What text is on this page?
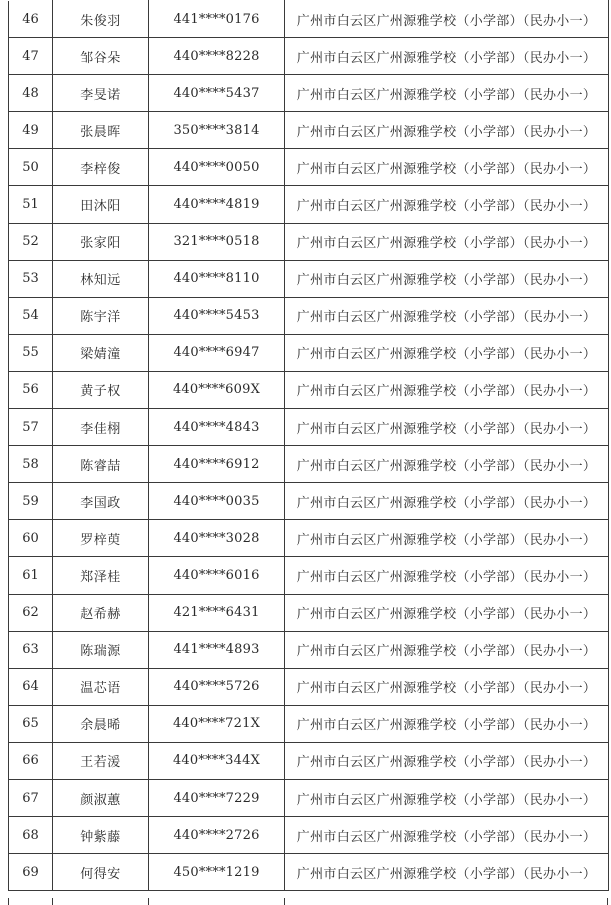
46	朱俊羽	441****0176	广州市白云区广州源雅学校（小学部）（民办小一）
47	邹谷朵	440****8228	广州市白云区广州源雅学校（小学部）（民办小一）
48	李旻诺	440****5437	广州市白云区广州源雅学校（小学部）（民办小一）
49	张晨晖	350****3814	广州市白云区广州源雅学校（小学部）（民办小一）
50	李梓俊	440****0050	广州市白云区广州源雅学校（小学部）（民办小一）
51	田沐阳	440****4819	广州市白云区广州源雅学校（小学部）（民办小一）
52	张家阳	321****0518	广州市白云区广州源雅学校（小学部）（民办小一）
53	林知远	440****8110	广州市白云区广州源雅学校（小学部）（民办小一）
54	陈宇洋	440****5453	广州市白云区广州源雅学校（小学部）（民办小一）
55	梁婧潼	440****6947	广州市白云区广州源雅学校（小学部）（民办小一）
56	黄子权	440****609X	广州市白云区广州源雅学校（小学部）（民办小一）
57	李佳栩	440****4843	广州市白云区广州源雅学校（小学部）（民办小一）
58	陈睿喆	440****6912	广州市白云区广州源雅学校（小学部）（民办小一）
59	李国政	440****0035	广州市白云区广州源雅学校（小学部）（民办小一）
60	罗梓萸	440****3028	广州市白云区广州源雅学校（小学部）（民办小一）
61	郑泽桂	440****6016	广州市白云区广州源雅学校（小学部）（民办小一）
62	赵希赫	421****6431	广州市白云区广州源雅学校（小学部）（民办小一）
63	陈瑞源	441****4893	广州市白云区广州源雅学校（小学部）（民办小一）
64	温芯语	440****5726	广州市白云区广州源雅学校（小学部）（民办小一）
65	余晨晞	440****721X	广州市白云区广州源雅学校（小学部）（民办小一）
66	王若湲	440****344X	广州市白云区广州源雅学校（小学部）（民办小一）
67	颜淑蕙	440****7229	广州市白云区广州源雅学校（小学部）（民办小一）
68	钟紫藤	440****2726	广州市白云区广州源雅学校（小学部）（民办小一）
69	何得安	450****1219	广州市白云区广州源雅学校（小学部）（民办小一）
